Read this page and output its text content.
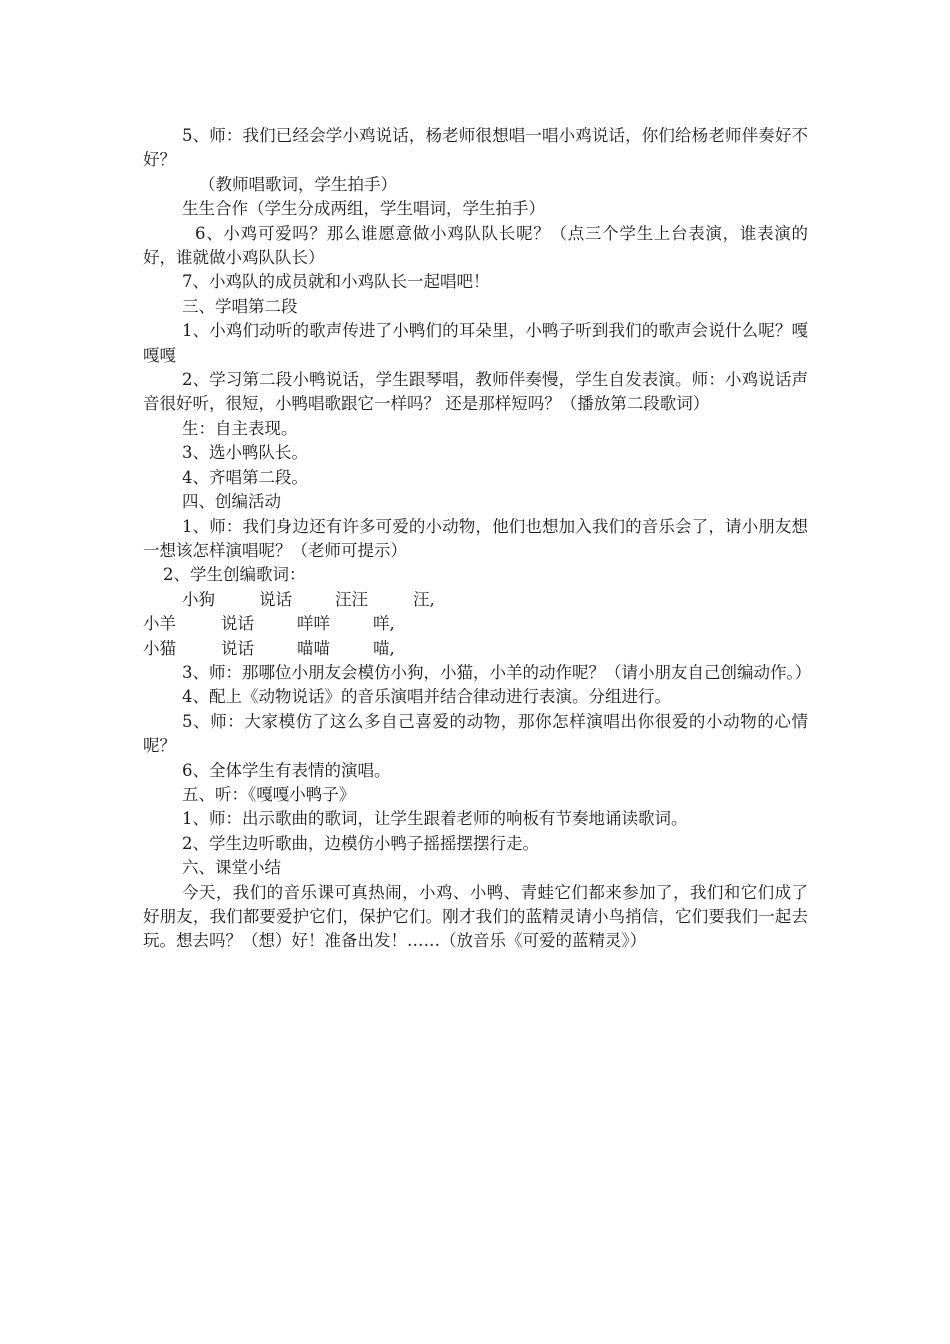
5、师：我们已经会学小鸡说话，杨老师很想唱一唱小鸡说话，你们给杨老师伴奏好不好？

（教师唱歌词，学生拍手）

生生合作（学生分成两组，学生唱词，学生拍手）

6、小鸡可爱吗？那么谁愿意做小鸡队队长呢？（点三个学生上台表演，谁表演的好，谁就做小鸡队队长）

7、小鸡队的成员就和小鸡队长一起唱吧！

三、学唱第二段

1、小鸡们动听的歌声传进了小鸭们的耳朵里，小鸭子听到我们的歌声会说什么呢？嘎嘎嘎

2、学习第二段小鸭说话，学生跟琴唱，教师伴奏慢，学生自发表演。师：小鸡说话声音很好听，很短，小鸭唱歌跟它一样吗？ 还是那样短吗？（播放第二段歌词）

生：自主表现。

3、选小鸭队长。

4、齐唱第二段。

四、创编活动

1、师：我们身边还有许多可爱的小动物，他们也想加入我们的音乐会了，请小朋友想一想该怎样演唱呢？（老师可提示）

2、学生创编歌词：

小狗	说话	汪汪	汪,
小羊	说话	咩咩	咩,
小猫	说话	喵喵	喵,

3、师：那哪位小朋友会模仿小狗，小猫，小羊的动作呢？（请小朋友自己创编动作。）

4、配上《动物说话》的音乐演唱并结合律动进行表演。分组进行。

5、师：大家模仿了这么多自己喜爱的动物，那你怎样演唱出你很爱的小动物的心情呢？

6、全体学生有表情的演唱。

五、听：《嘎嘎小鸭子》

1、师：出示歌曲的歌词，让学生跟着老师的响板有节奏地诵读歌词。

2、学生边听歌曲，边模仿小鸭子摇摇摆摆行走。

六、课堂小结

今天，我们的音乐课可真热闹，小鸡、小鸭、青蛙它们都来参加了，我们和它们成了好朋友，我们都要爱护它们，保护它们。刚才我们的蓝精灵请小鸟捎信，它们要我们一起去玩。想去吗？（想）好！准备出发！……（放音乐《可爱的蓝精灵》）
